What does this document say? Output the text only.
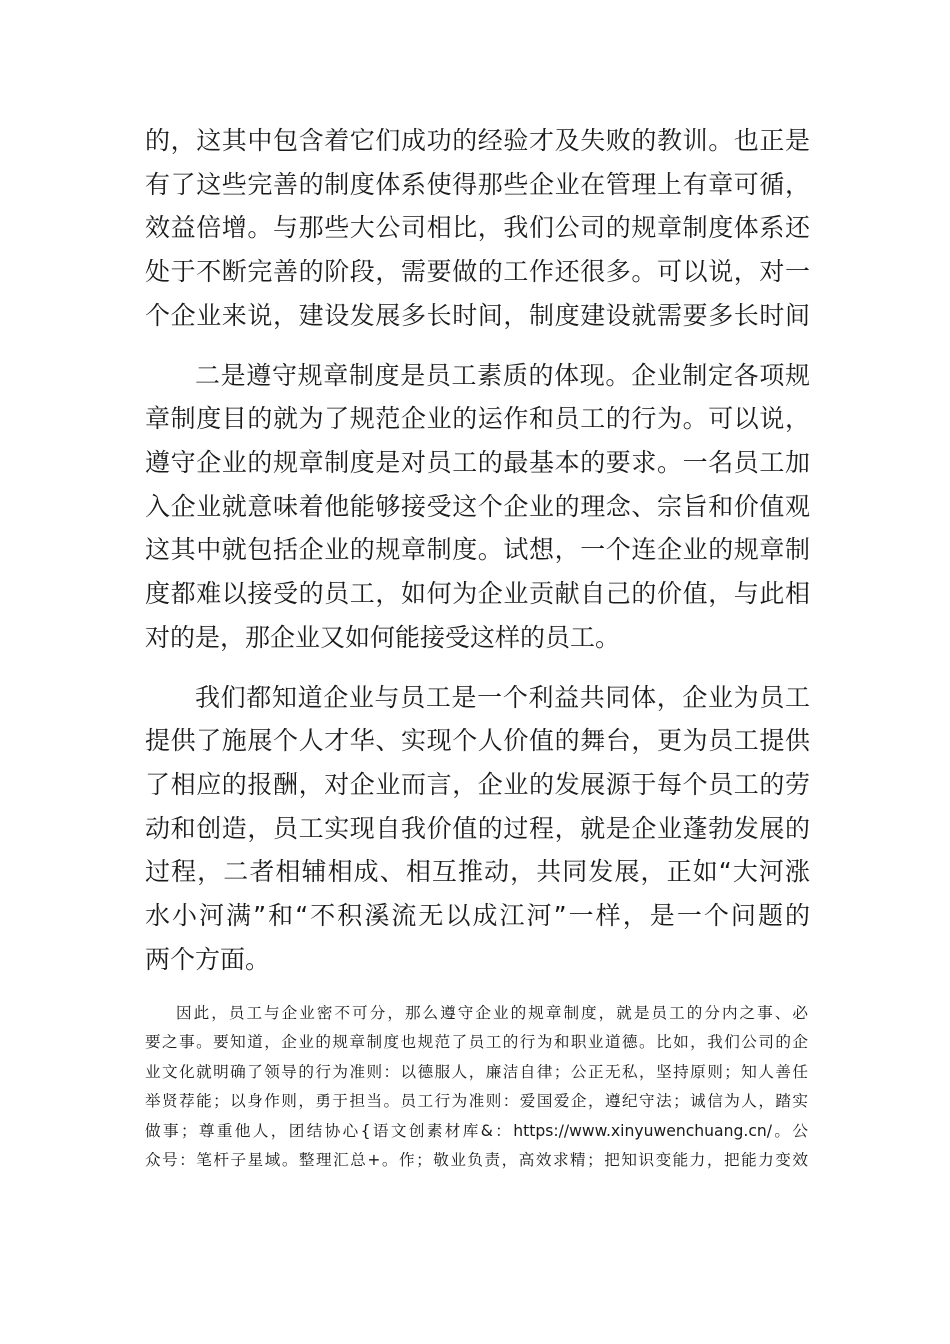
的，这其中包含着它们成功的经验才及失败的教训。也正是
有了这些完善的制度体系使得那些企业在管理上有章可循，
效益倍增。与那些大公司相比，我们公司的规章制度体系还
处于不断完善的阶段，需要做的工作还很多。可以说，对一
个企业来说，建设发展多长时间，制度建设就需要多长时间
二是遵守规章制度是员工素质的体现。企业制定各项规
章制度目的就为了规范企业的运作和员工的行为。可以说，
遵守企业的规章制度是对员工的最基本的要求。一名员工加
入企业就意味着他能够接受这个企业的理念、宗旨和价值观
这其中就包括企业的规章制度。试想，一个连企业的规章制
度都难以接受的员工，如何为企业贡献自己的价值，与此相
对的是，那企业又如何能接受这样的员工。
我们都知道企业与员工是一个利益共同体，企业为员工
提供了施展个人才华、实现个人价值的舞台，更为员工提供
了相应的报酬，对企业而言，企业的发展源于每个员工的劳
动和创造，员工实现自我价值的过程，就是企业蓬勃发展的
过程，二者相辅相成、相互推动，共同发展，正如“大河涨
水小河满”和“不积溪流无以成江河”一样，是一个问题的
两个方面。
因此，员工与企业密不可分，那么遵守企业的规章制度，就是员工的分内之事、必
要之事。要知道，企业的规章制度也规范了员工的行为和职业道德。比如，我们公司的企
业文化就明确了领导的行为准则：以德服人，廉洁自律；公正无私，坚持原则；知人善任
举贤荐能；以身作则，勇于担当。员工行为准则：爱国爱企，遵纪守法；诚信为人，踏实
做事；尊重他人，团结协心{语文创素材库&：https://www.xinyuwenchuang.cn/。公
众号：笔杆子星域。整理汇总+。作；敬业负责，高效求精；把知识变能力，把能力变效
